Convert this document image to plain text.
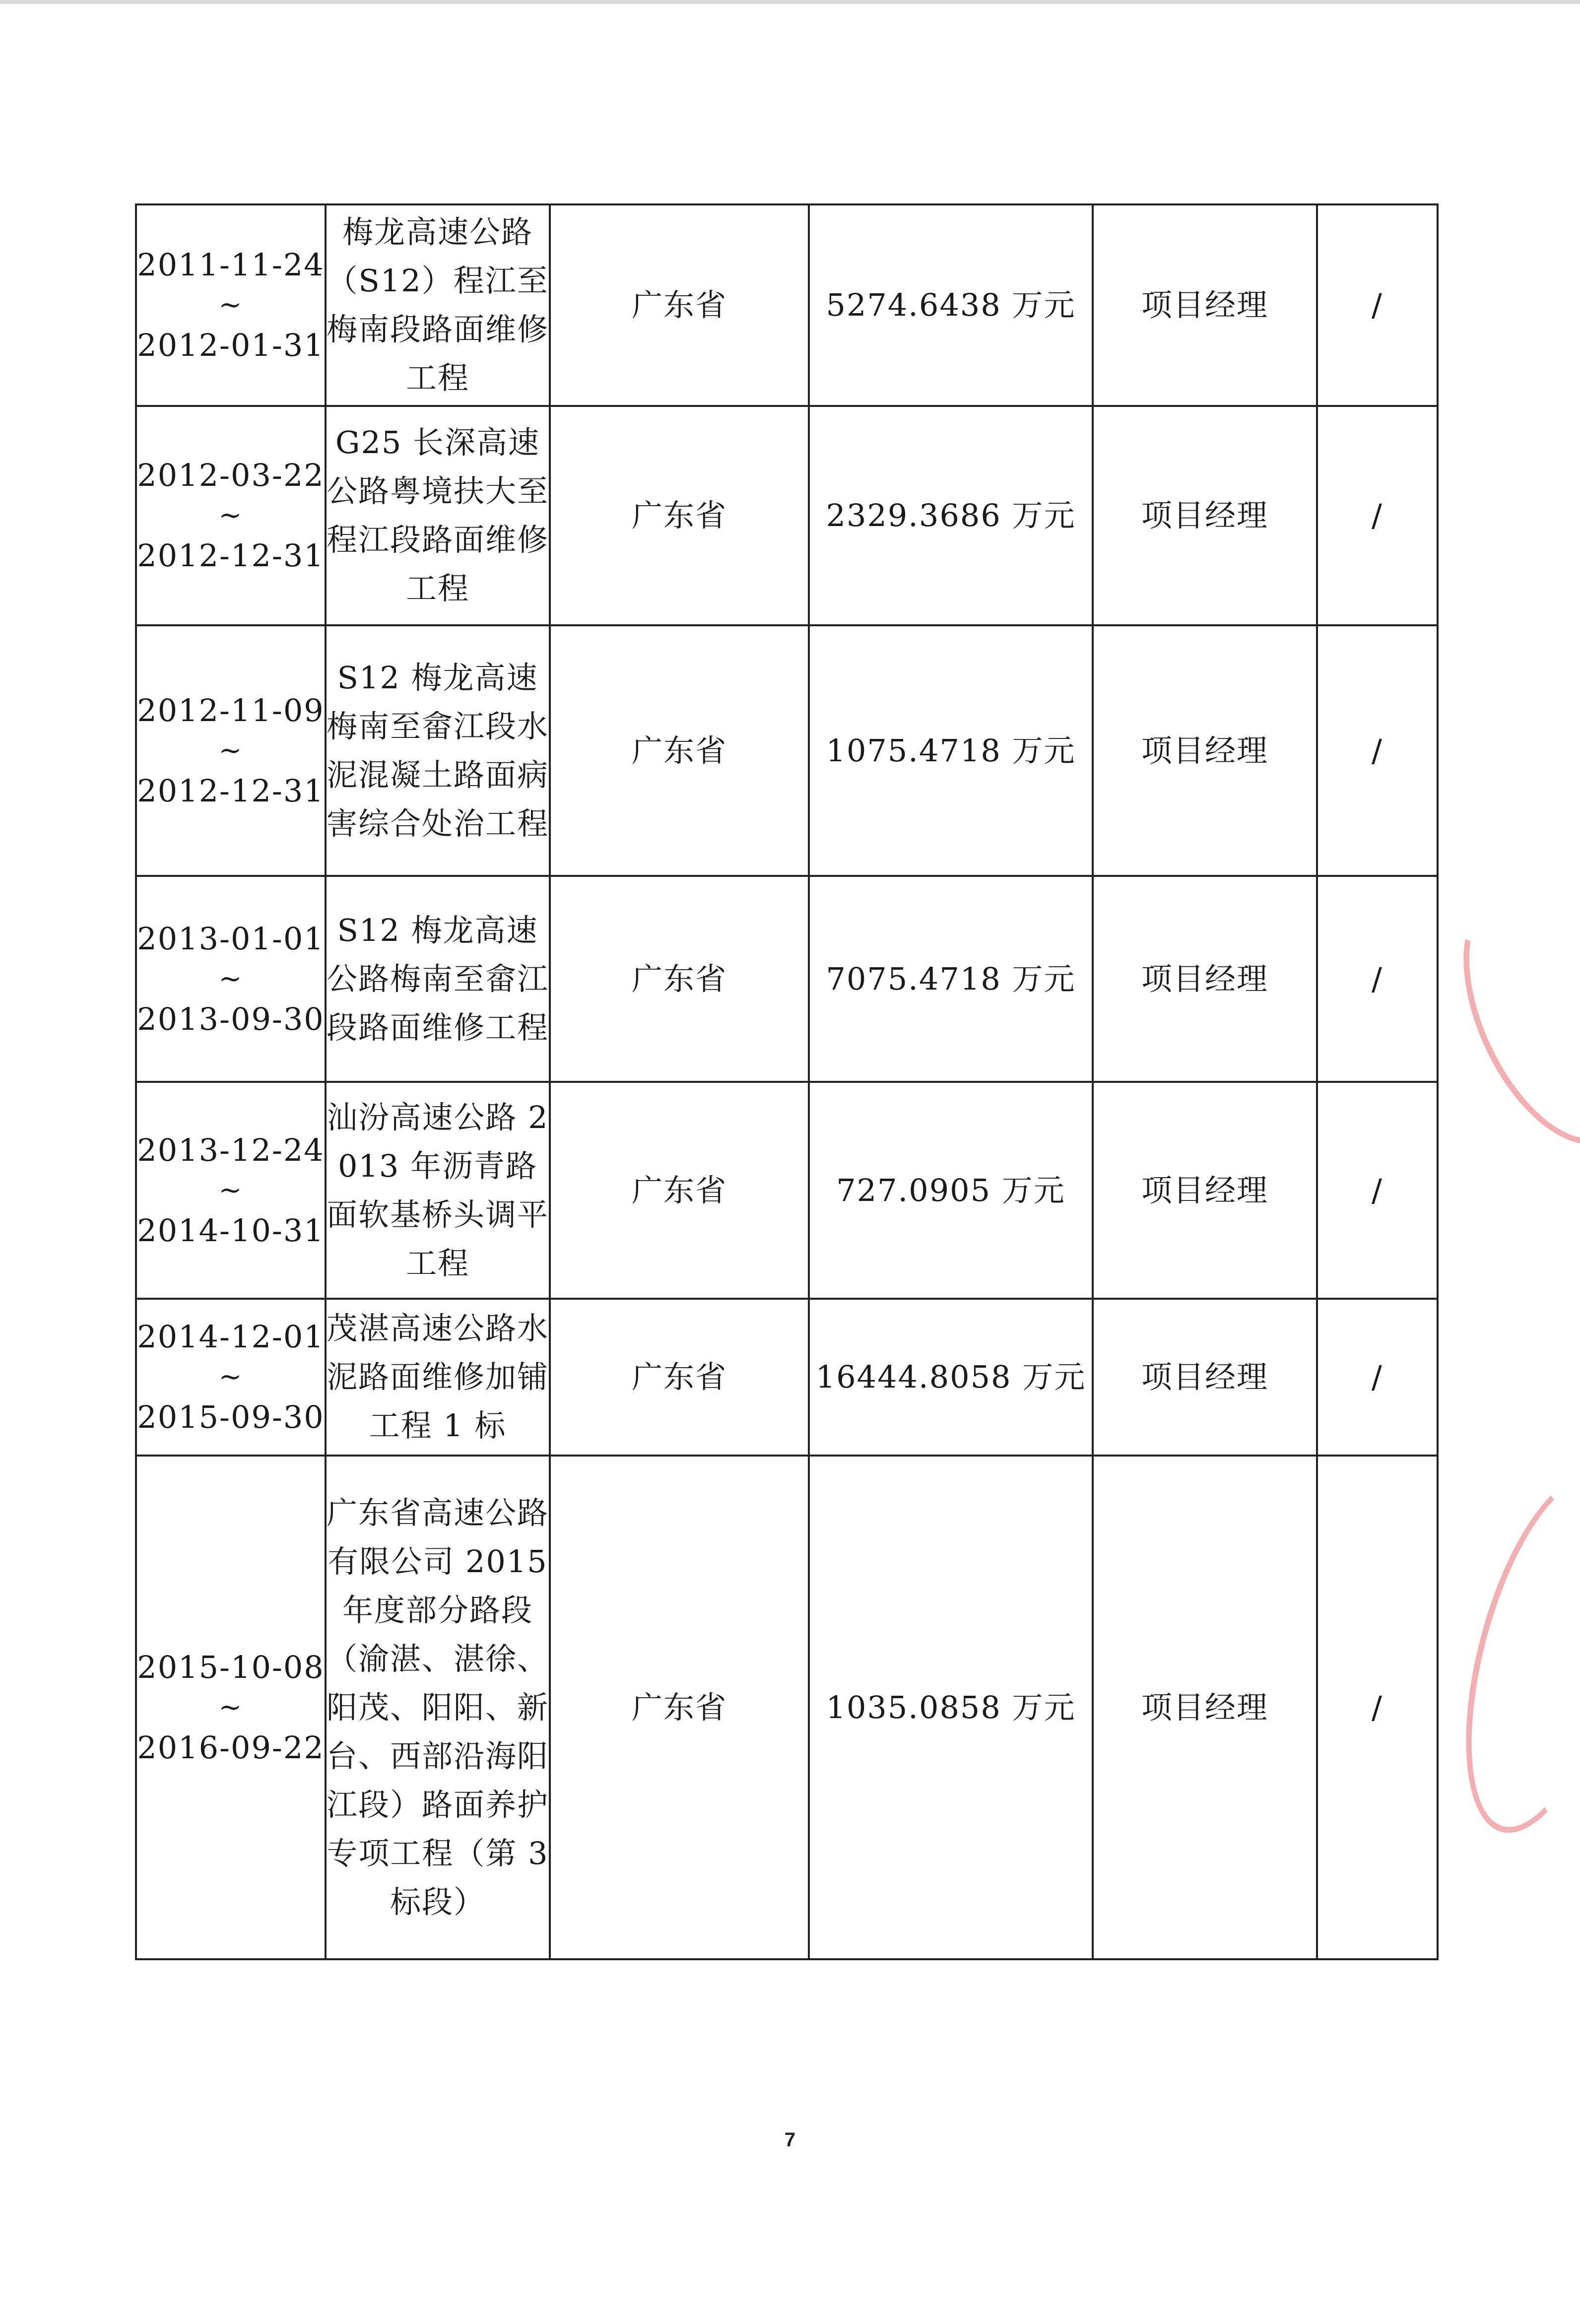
2011-11-24
~
2012-01-31	梅龙高速公路（S12）程江至梅南段路面维修工程	广东省	5274.6438 万元	项目经理	/

2012-03-22
~
2012-12-31	G25 长深高速公路粤境扶大至程江段路面维修工程	广东省	2329.3686 万元	项目经理	/

2012-11-09
~
2012-12-31	S12 梅龙高速梅南至畲江段水泥混凝土路面病害综合处治工程	广东省	1075.4718 万元	项目经理	/

2013-01-01
~
2013-09-30	S12 梅龙高速公路梅南至畲江段路面维修工程	广东省	7075.4718 万元	项目经理	/

2013-12-24
~
2014-10-31	汕汾高速公路 2013 年沥青路面软基桥头调平工程	广东省	727.0905 万元	项目经理	/

2014-12-01
~
2015-09-30	茂湛高速公路水泥路面维修加铺工程 1 标	广东省	16444.8058 万元	项目经理	/

2015-10-08
~
2016-09-22	广东省高速公路有限公司 2015 年度部分路段（渝湛、湛徐、阳茂、阳阳、新台、西部沿海阳江段）路面养护专项工程（第 3 标段）	广东省	1035.0858 万元	项目经理	/
7
